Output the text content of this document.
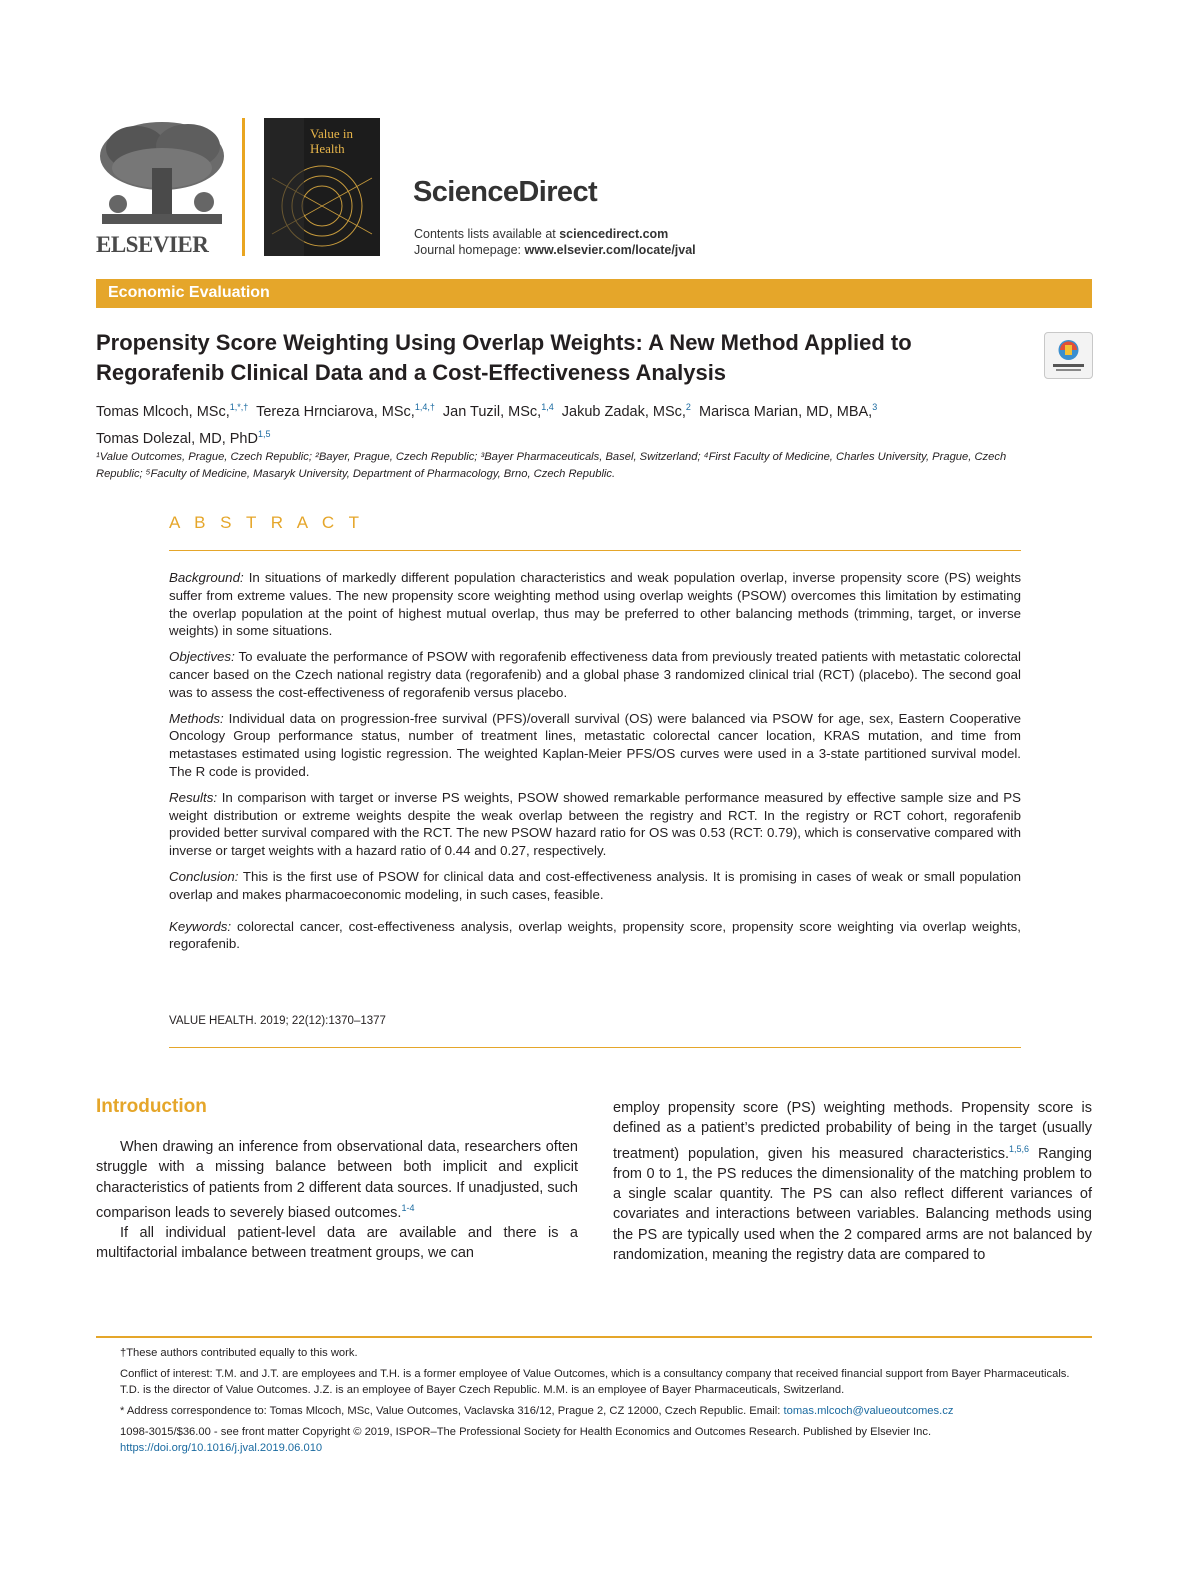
ELSEVIER
Value in Health
ScienceDirect
Contents lists available at sciencedirect.com
Journal homepage: www.elsevier.com/locate/jval
Economic Evaluation
Propensity Score Weighting Using Overlap Weights: A New Method Applied to Regorafenib Clinical Data and a Cost-Effectiveness Analysis
Tomas Mlcoch, MSc,$^{1,*,\dagger}$ Tereza Hrnciarova, MSc,$^{1,4,\dagger}$ Jan Tuzil, MSc,$^{1,4}$ Jakub Zadak, MSc,$^2$ Marisca Marian, MD, MBA,$^3$
Tomas Dolezal, MD, PhD$^{1,5}$
¹Value Outcomes, Prague, Czech Republic; ²Bayer, Prague, Czech Republic; ³Bayer Pharmaceuticals, Basel, Switzerland; ⁴First Faculty of Medicine, Charles University, Prague, Czech Republic; ⁵Faculty of Medicine, Masaryk University, Department of Pharmacology, Brno, Czech Republic.
A B S T R A C T

Background: In situations of markedly different population characteristics and weak population overlap, inverse propensity score (PS) weights suffer from extreme values. The new propensity score weighting method using overlap weights (PSOW) overcomes this limitation by estimating the overlap population at the point of highest mutual overlap, thus may be preferred to other balancing methods (trimming, target, or inverse weights) in some situations.

Objectives: To evaluate the performance of PSOW with regorafenib effectiveness data from previously treated patients with metastatic colorectal cancer based on the Czech national registry data (regorafenib) and a global phase 3 randomized clinical trial (RCT) (placebo). The second goal was to assess the cost-effectiveness of regorafenib versus placebo.

Methods: Individual data on progression-free survival (PFS)/overall survival (OS) were balanced via PSOW for age, sex, Eastern Cooperative Oncology Group performance status, number of treatment lines, metastatic colorectal cancer location, KRAS mutation, and time from metastases estimated using logistic regression. The weighted Kaplan-Meier PFS/OS curves were used in a 3-state partitioned survival model. The R code is provided.

Results: In comparison with target or inverse PS weights, PSOW showed remarkable performance measured by effective sample size and PS weight distribution or extreme weights despite the weak overlap between the registry and RCT. In the registry or RCT cohort, regorafenib provided better survival compared with the RCT. The new PSOW hazard ratio for OS was 0.53 (RCT: 0.79), which is conservative compared with inverse or target weights with a hazard ratio of 0.44 and 0.27, respectively.

Conclusion: This is the first use of PSOW for clinical data and cost-effectiveness analysis. It is promising in cases of weak or small population overlap and makes pharmacoeconomic modeling, in such cases, feasible.

Keywords: colorectal cancer, cost-effectiveness analysis, overlap weights, propensity score, propensity score weighting via overlap weights, regorafenib.

VALUE HEALTH. 2019; 22(12):1370–1377
Introduction

When drawing an inference from observational data, researchers often struggle with a missing balance between both implicit and explicit characteristics of patients from 2 different data sources. If unadjusted, such comparison leads to severely biased outcomes.$^{1-4}$

If all individual patient-level data are available and there is a multifactorial imbalance between treatment groups, we can

employ propensity score (PS) weighting methods. Propensity score is defined as a patient’s predicted probability of being in the target (usually treatment) population, given his measured characteristics.$^{1,5,6}$ Ranging from 0 to 1, the PS reduces the dimensionality of the matching problem to a single scalar quantity. The PS can also reflect different variances of covariates and interactions between variables. Balancing methods using the PS are typically used when the 2 compared arms are not balanced by randomization, meaning the registry data are compared to

†These authors contributed equally to this work.

Conflict of interest: T.M. and J.T. are employees and T.H. is a former employee of Value Outcomes, which is a consultancy company that received financial support from Bayer Pharmaceuticals. T.D. is the director of Value Outcomes. J.Z. is an employee of Bayer Czech Republic. M.M. is an employee of Bayer Pharmaceuticals, Switzerland.

* Address correspondence to: Tomas Mlcoch, MSc, Value Outcomes, Vaclavska 316/12, Prague 2, CZ 12000, Czech Republic. Email: tomas.mlcoch@valueoutcomes.cz

1098-3015/$36.00 - see front matter Copyright © 2019, ISPOR–The Professional Society for Health Economics and Outcomes Research. Published by Elsevier Inc.

https://doi.org/10.1016/j.jval.2019.06.010
